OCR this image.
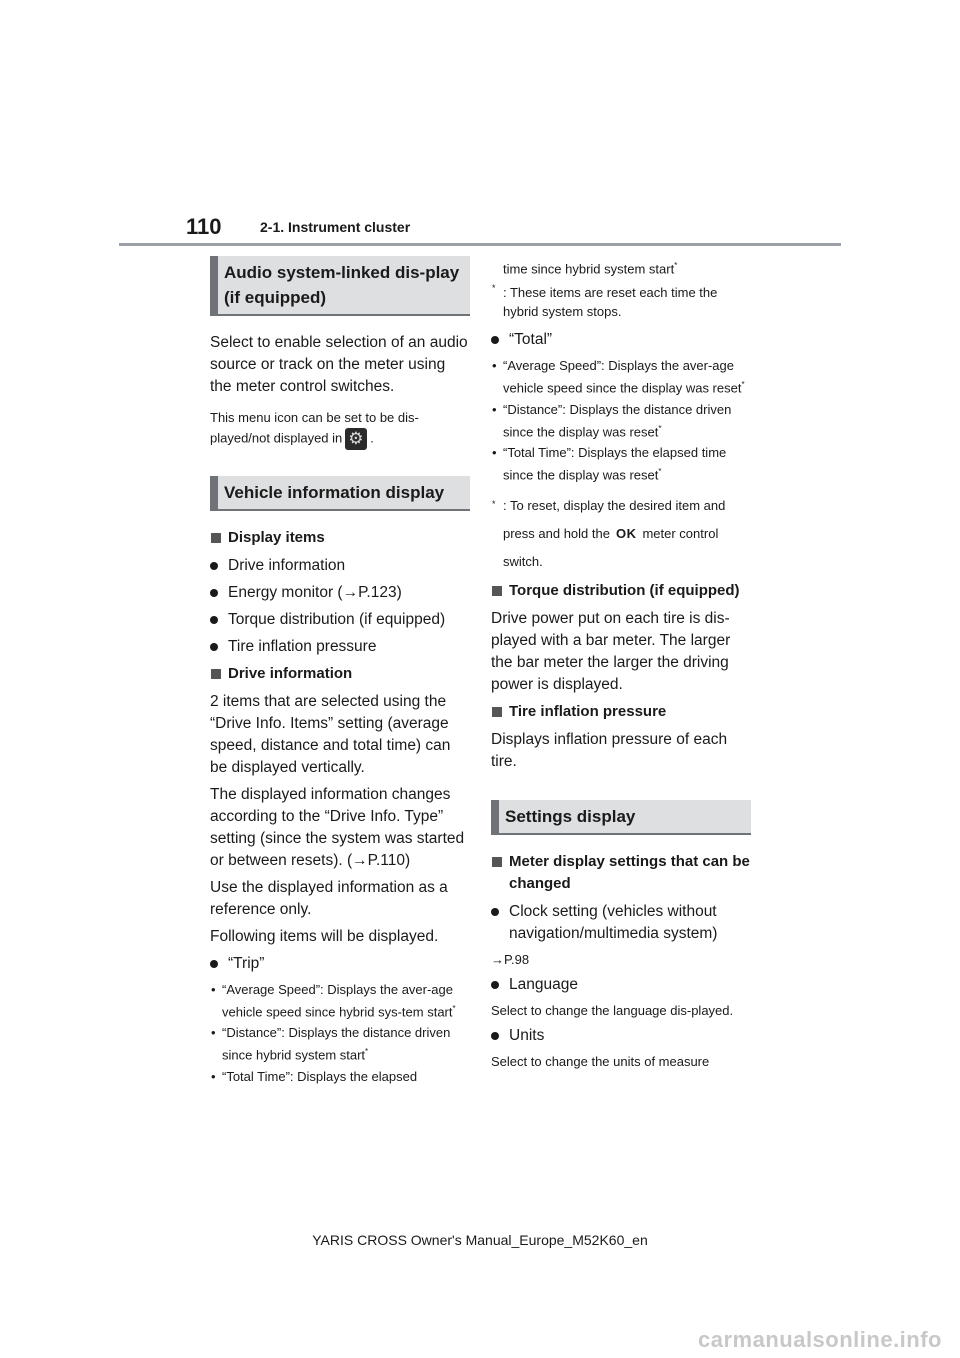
110	2-1. Instrument cluster
Audio system-linked dis-play (if equipped)

Select to enable selection of an audio source or track on the meter using the meter control switches.

This menu icon can be set to be dis-played/not displayed in⚙ .

Vehicle information display
Display items
Drive information
Energy monitor (→P.123)
Torque distribution (if equipped)
Tire inflation pressure
Drive information

2 items that are selected using the “Drive Info. Items” setting (average speed, distance and total time) can be displayed vertically.

The displayed information changes according to the “Drive Info. Type” setting (since the system was started or between resets). (→P.110)

Use the displayed information as a reference only.

Following items will be displayed.

“Trip”
• “Average Speed”: Displays the aver-age vehicle speed since hybrid sys-tem start*
• “Distance”: Displays the distance driven since hybrid system start*
• “Total Time”: Displays the elapsed
time since hybrid system start*
* : These items are reset each time the hybrid system stops.
“Total”
• “Average Speed”: Displays the aver-age vehicle speed since the display was reset*
• “Distance”: Displays the distance driven since the display was reset*
• “Total Time”: Displays the elapsed time since the display was reset*
* : To reset, display the desired item and press and hold the OK meter control switch.
Torque distribution (if equipped)

Drive power put on each tire is dis-played with a bar meter. The larger the bar meter the larger the driving power is displayed.

Tire inflation pressure

Displays inflation pressure of each tire.

Settings display
Meter display settings that can be changed
Clock setting (vehicles without navigation/multimedia system)

→P.98

Language

Select to change the language dis-played.

Units

Select to change the units of measure

YARIS CROSS Owner's Manual_Europe_M52K60_en
carmanualsonline.info
